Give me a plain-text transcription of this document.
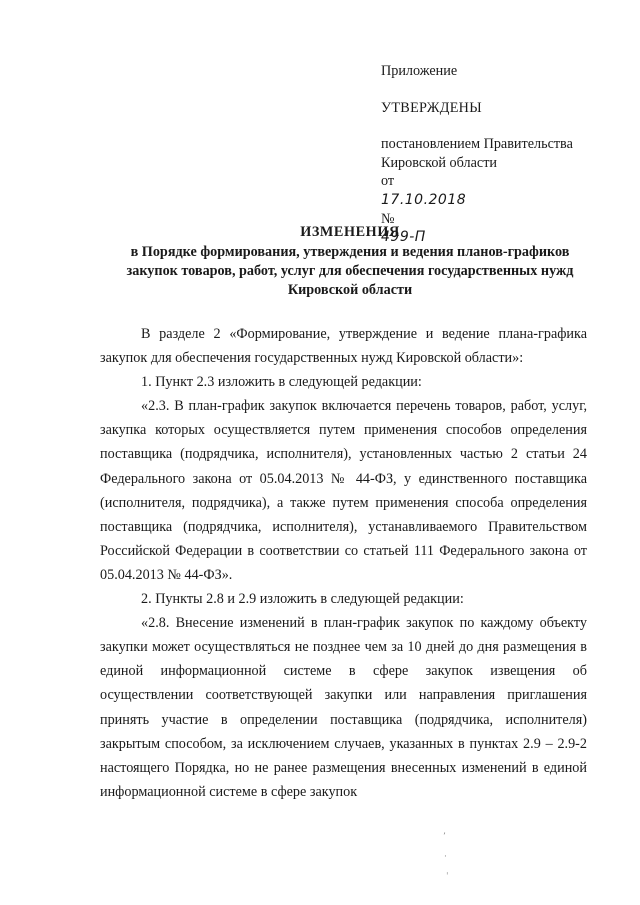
Приложение
УТВЕРЖДЕНЫ
постановлением Правительства
Кировской области
от
17.10.2018
№
499-П
ИЗМЕНЕНИЯ
в Порядке формирования, утверждения и ведения планов-графиков
закупок товаров, работ, услуг для обеспечения государственных нужд
Кировской области

В разделе 2 «Формирование, утверждение и ведение плана-графика закупок для обеспечения государственных нужд Кировской области»:

1. Пункт 2.3 изложить в следующей редакции:

«2.3. В план-график закупок включается перечень товаров, работ, услуг, закупка которых осуществляется путем применения способов определения поставщика (подрядчика, исполнителя), установленных частью 2 статьи 24 Федерального закона от 05.04.2013 № 44-ФЗ, у единственного поставщика (исполнителя, подрядчика), а также путем применения способа определения поставщика (подрядчика, исполнителя), устанавливаемого Правительством Российской Федерации в соответствии со статьей 111 Федерального закона от 05.04.2013 № 44-ФЗ».

2. Пункты 2.8 и 2.9 изложить в следующей редакции:

«2.8. Внесение изменений в план-график закупок по каждому объекту закупки может осуществляться не позднее чем за 10 дней до дня размещения в единой информационной системе в сфере закупок извещения об осуществлении соответствующей закупки или направления приглашения принять участие в определении поставщика (подрядчика, исполнителя) закрытым способом, за исключением случаев, указанных в пунктах 2.9 – 2.9-2 настоящего Порядка, но не ранее размещения внесенных изменений в единой информационной системе в сфере закупок

ʼ
·
ˌ
